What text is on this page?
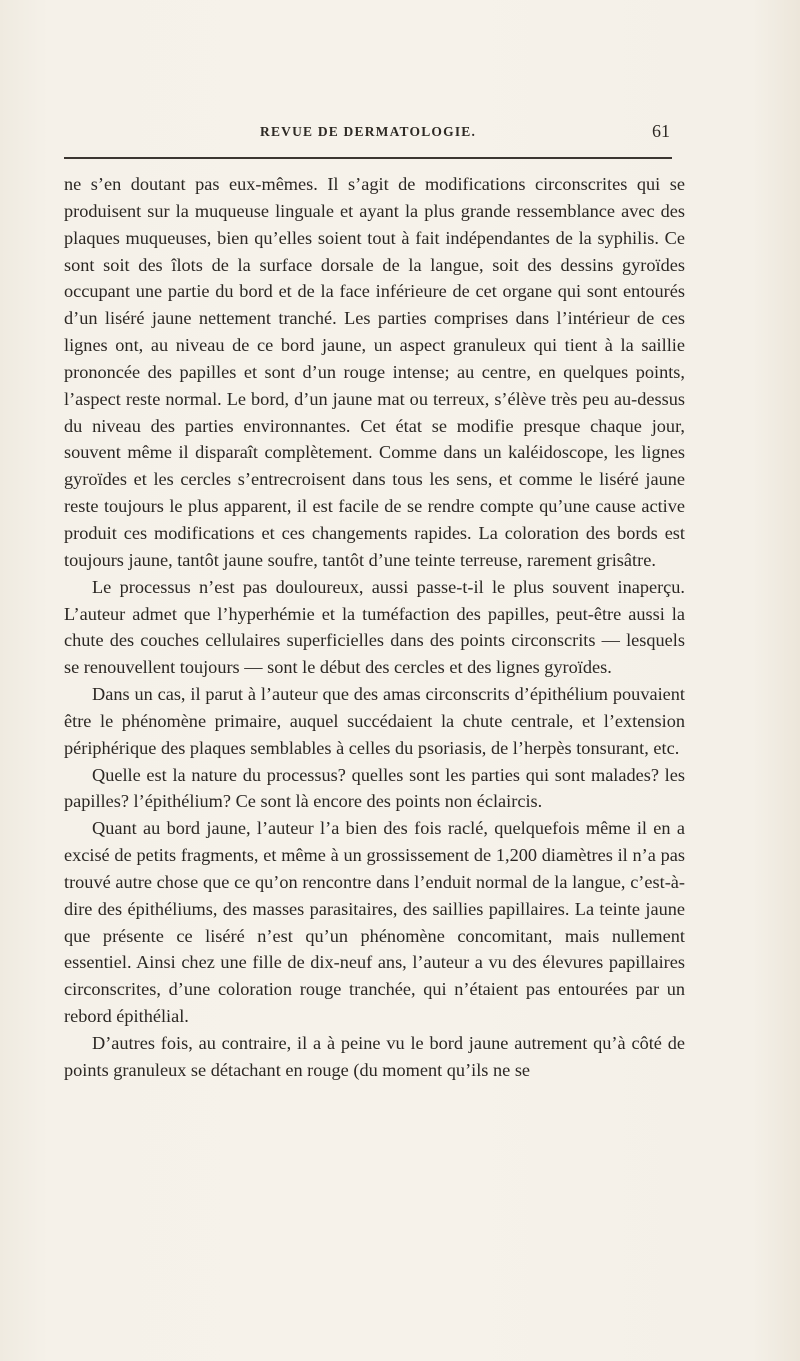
REVUE DE DERMATOLOGIE.	61

ne s’en doutant pas eux-mêmes. Il s’agit de modifications circonscrites qui se produisent sur la muqueuse linguale et ayant la plus grande ressemblance avec des plaques muqueuses, bien qu’elles soient tout à fait indépendantes de la syphilis. Ce sont soit des îlots de la surface dorsale de la langue, soit des dessins gyroïdes occupant une partie du bord et de la face inférieure de cet organe qui sont entourés d’un liséré jaune nettement tranché. Les parties comprises dans l’intérieur de ces lignes ont, au niveau de ce bord jaune, un aspect granuleux qui tient à la saillie prononcée des papilles et sont d’un rouge intense; au centre, en quelques points, l’aspect reste normal. Le bord, d’un jaune mat ou terreux, s’élève très peu au-dessus du niveau des parties environnantes. Cet état se modifie presque chaque jour, souvent même il disparaît complètement. Comme dans un kaléidoscope, les lignes gyroïdes et les cercles s’entrecroisent dans tous les sens, et comme le liséré jaune reste toujours le plus apparent, il est facile de se rendre compte qu’une cause active produit ces modifications et ces changements rapides. La coloration des bords est toujours jaune, tantôt jaune soufre, tantôt d’une teinte terreuse, rarement grisâtre.

Le processus n’est pas douloureux, aussi passe-t-il le plus souvent inaperçu. L’auteur admet que l’hyperhémie et la tuméfaction des papilles, peut-être aussi la chute des couches cellulaires superficielles dans des points circonscrits — lesquels se renouvellent toujours — sont le début des cercles et des lignes gyroïdes.

Dans un cas, il parut à l’auteur que des amas circonscrits d’épithélium pouvaient être le phénomène primaire, auquel succédaient la chute centrale, et l’extension périphérique des plaques semblables à celles du psoriasis, de l’herpès tonsurant, etc.

Quelle est la nature du processus? quelles sont les parties qui sont malades? les papilles? l’épithélium? Ce sont là encore des points non éclaircis.

Quant au bord jaune, l’auteur l’a bien des fois raclé, quelquefois même il en a excisé de petits fragments, et même à un grossissement de 1,200 diamètres il n’a pas trouvé autre chose que ce qu’on rencontre dans l’enduit normal de la langue, c’est-à-dire des épithéliums, des masses parasitaires, des saillies papillaires. La teinte jaune que présente ce liséré n’est qu’un phénomène concomitant, mais nullement essentiel. Ainsi chez une fille de dix-neuf ans, l’auteur a vu des élevures papillaires circonscrites, d’une coloration rouge tranchée, qui n’étaient pas entourées par un rebord épithélial.

D’autres fois, au contraire, il a à peine vu le bord jaune autrement qu’à côté de points granuleux se détachant en rouge (du moment qu’ils ne se
